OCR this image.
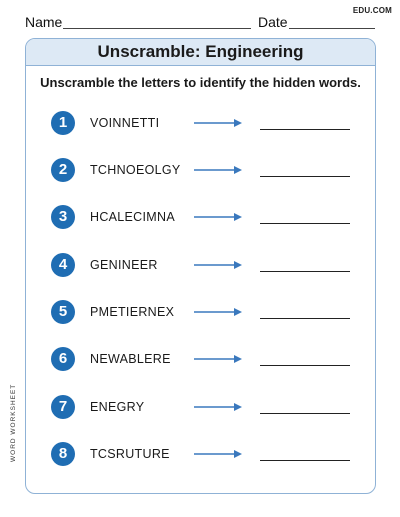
Name	Date
EDU.COM
Unscramble: Engineering
Unscramble the letters to identify the hidden words.
1	VOINNETTI
2	TCHNOEOLGY
3	HCALECIMNA
4	GENINEER
5	PMETIERNEX
6	NEWABLERE
7	ENEGRY
8	TCSRUTURE
WORD WORKSHEET
